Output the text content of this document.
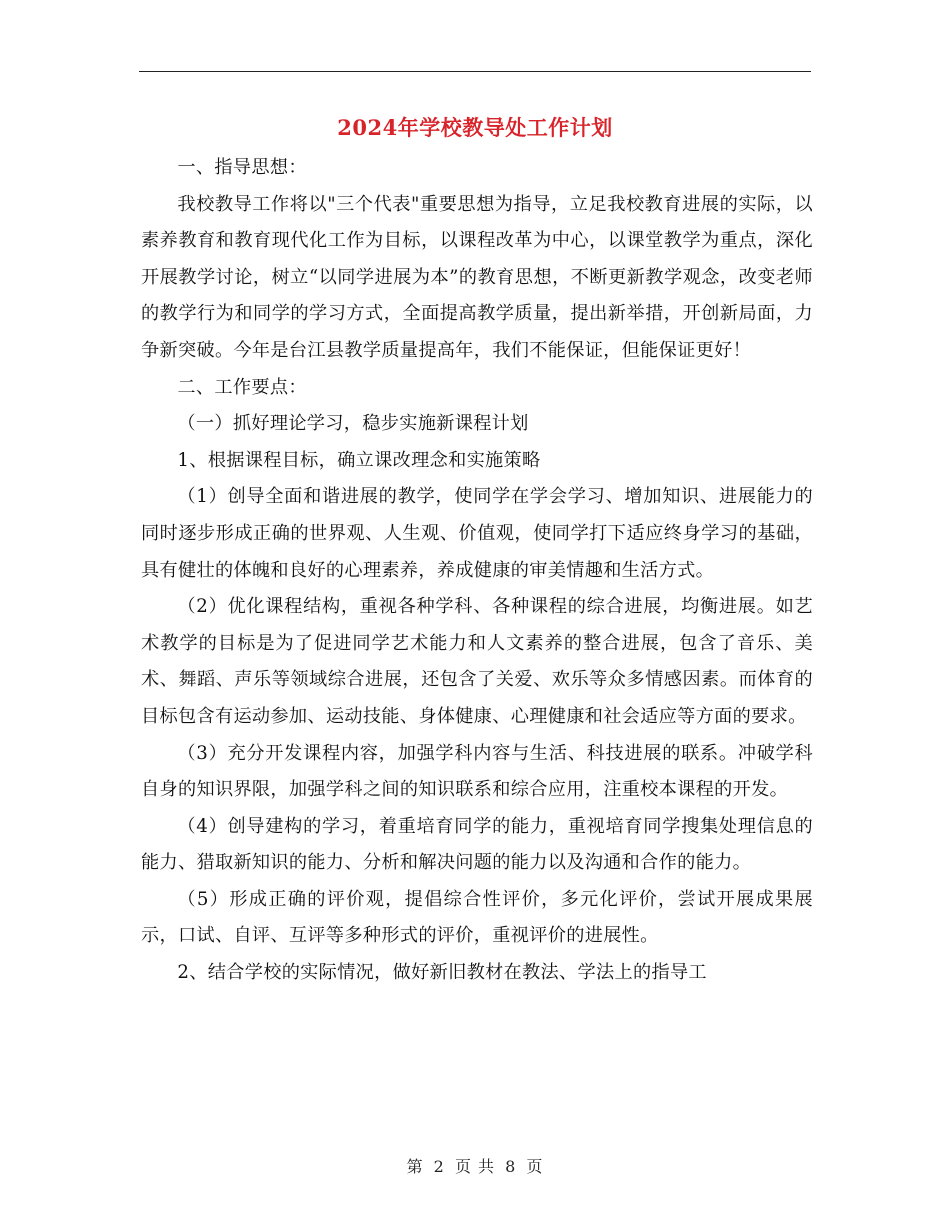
2024年学校教导处工作计划

一、指导思想：

我校教导工作将以"三个代表"重要思想为指导，立足我校教育进展的实际，以素养教育和教育现代化工作为目标，以课程改革为中心，以课堂教学为重点，深化开展教学讨论，树立“以同学进展为本”的教育思想，不断更新教学观念，改变老师的教学行为和同学的学习方式，全面提高教学质量，提出新举措，开创新局面，力争新突破。今年是台江县教学质量提高年，我们不能保证，但能保证更好！

二、工作要点：

（一）抓好理论学习，稳步实施新课程计划

1、根据课程目标，确立课改理念和实施策略

（1）创导全面和谐进展的教学，使同学在学会学习、增加知识、进展能力的同时逐步形成正确的世界观、人生观、价值观，使同学打下适应终身学习的基础，具有健壮的体魄和良好的心理素养，养成健康的审美情趣和生活方式。

（2）优化课程结构，重视各种学科、各种课程的综合进展，均衡进展。如艺术教学的目标是为了促进同学艺术能力和人文素养的整合进展，包含了音乐、美术、舞蹈、声乐等领域综合进展，还包含了关爱、欢乐等众多情感因素。而体育的目标包含有运动参加、运动技能、身体健康、心理健康和社会适应等方面的要求。

（3）充分开发课程内容，加强学科内容与生活、科技进展的联系。冲破学科自身的知识界限，加强学科之间的知识联系和综合应用，注重校本课程的开发。

（4）创导建构的学习，着重培育同学的能力，重视培育同学搜集处理信息的能力、猎取新知识的能力、分析和解决问题的能力以及沟通和合作的能力。

（5）形成正确的评价观，提倡综合性评价，多元化评价，尝试开展成果展示，口试、自评、互评等多种形式的评价，重视评价的进展性。

2、结合学校的实际情况，做好新旧教材在教法、学法上的指导工

第 2 页 共 8 页
